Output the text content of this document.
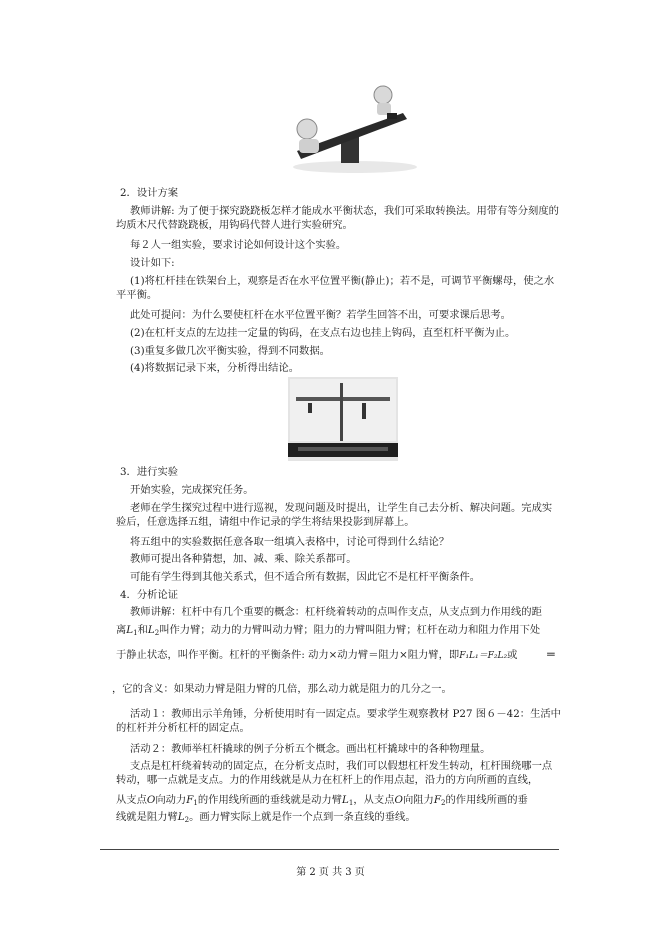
2．设计方案
教师讲解: 为了便于探究跷跷板怎样才能成水平衡状态，我们可采取转换法。用带有等分刻度的均质木尺代替跷跷板，用钩码代替人进行实验研究。
每２人一组实验，要求讨论如何设计这个实验。
设计如下:
(1)将杠杆挂在铁架台上，观察是否在水平位置平衡(静止)；若不是，可调节平衡螺母，使之水平平衡。
此处可提问：为什么要使杠杆在水平位置平衡？若学生回答不出，可要求课后思考。
(2)在杠杆支点的左边挂一定量的钩码，在支点右边也挂上钩码，直至杠杆平衡为止。
(3)重复多做几次平衡实验，得到不同数据。
(4)将数据记录下来，分析得出结论。
3．进行实验
开始实验，完成探究任务。
老师在学生探究过程中进行巡视，发现问题及时提出，让学生自己去分析、解决问题。完成实验后，任意选择五组，请组中作记录的学生将结果投影到屏幕上。
将五组中的实验数据任意各取一组填入表格中，讨论可得到什么结论？
教师可提出各种猜想，加、减、乘、除关系都可。
可能有学生得到其他关系式，但不适合所有数据，因此它不是杠杆平衡条件。
4．分析论证
教师讲解：杠杆中有几个重要的概念：杠杆绕着转动的点叫作支点，从支点到力作用线的距
离$L_1$和$L_2$叫作力臂；动力的力臂叫动力臂；阻力的力臂叫阻力臂；杠杆在动力和阻力作用下处
于静止状态，叫作平衡。杠杆的平衡条件: 动力×动力臂＝阻力×阻力臂，即F₁L₁＝F₂L₂或	＝
，它的含义：如果动力臂是阻力臂的几倍，那么动力就是阻力的几分之一。
活动１：教师出示羊角锤，分析使用时有一固定点。要求学生观察教材 P27 图６－42：生活中的杠杆并分析杠杆的固定点。
活动２：教师举杠杆撬球的例子分析五个概念。画出杠杆撬球中的各种物理量。
支点是杠杆绕着转动的固定点，在分析支点时，我们可以假想杠杆发生转动，杠杆围绕哪一点转动，哪一点就是支点。力的作用线就是从力在杠杆上的作用点起，沿力的方向所画的直线，
从支点O向动力$F_1$的作用线所画的垂线就是动力臂$L_1$，从支点O向阻力$F_2$的作用线所画的垂
线就是阻力臂$L_2$。画力臂实际上就是作一个点到一条直线的垂线。
第 2 页 共 3 页
